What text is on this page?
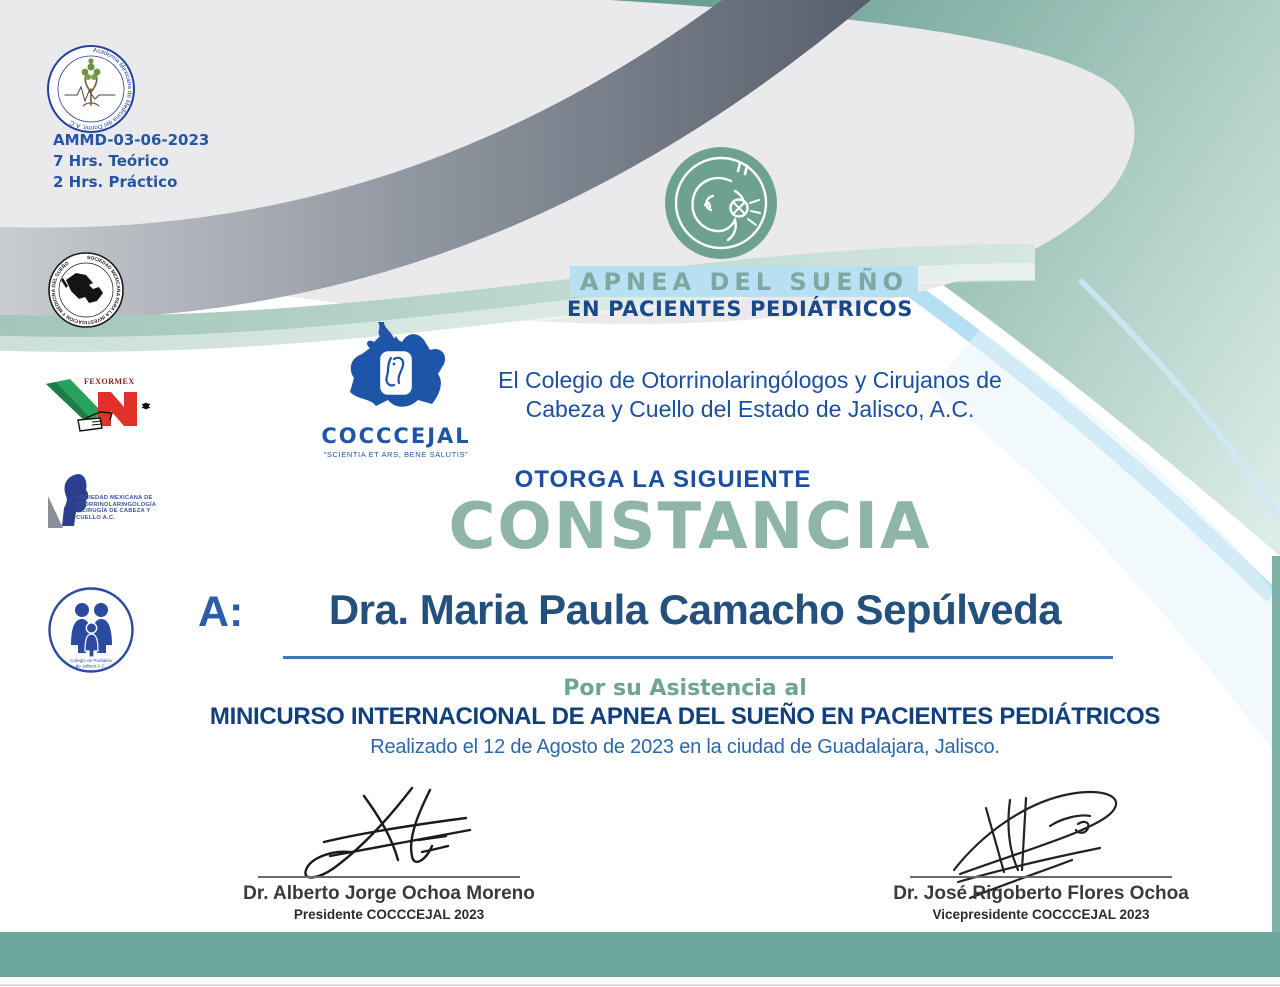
Academia Mexicana de Medicina del Dormir, A.C.
AMMD-03-06-2023
7 Hrs. Teórico
2 Hrs. Práctico
SOCIEDAD MEXICANA PARA LA INVESTIGACIÓN Y MEDICINA DEL SUEÑO
FEXORMEX
SOCIEDAD MEXICANA DE
OTORRINOLARINGOLOGÍA
Y CIRUGÍA DE CABEZA Y
CUELLO A.C.
Colegio de Pediatría
de Jalisco A.C.
APNEA DEL SUEÑO
EN PACIENTES PEDIÁTRICOS
COCCCEJAL
"SCIENTIA ET ARS, BENE SALUTIS"
El Colegio de Otorrinolaringólogos y Cirujanos de
Cabeza y Cuello del Estado de Jalisco, A.C.
OTORGA LA SIGUIENTE
CONSTANCIA
A:	Dra. Maria Paula Camacho Sepúlveda
Por su Asistencia al
MINICURSO INTERNACIONAL DE APNEA DEL SUEÑO EN PACIENTES PEDIÁTRICOS
Realizado el 12 de Agosto de 2023 en la ciudad de Guadalajara, Jalisco.
Dr. Alberto Jorge Ochoa Moreno
Presidente COCCCEJAL 2023
Dr. José Rigoberto Flores Ochoa
Vicepresidente COCCCEJAL 2023
